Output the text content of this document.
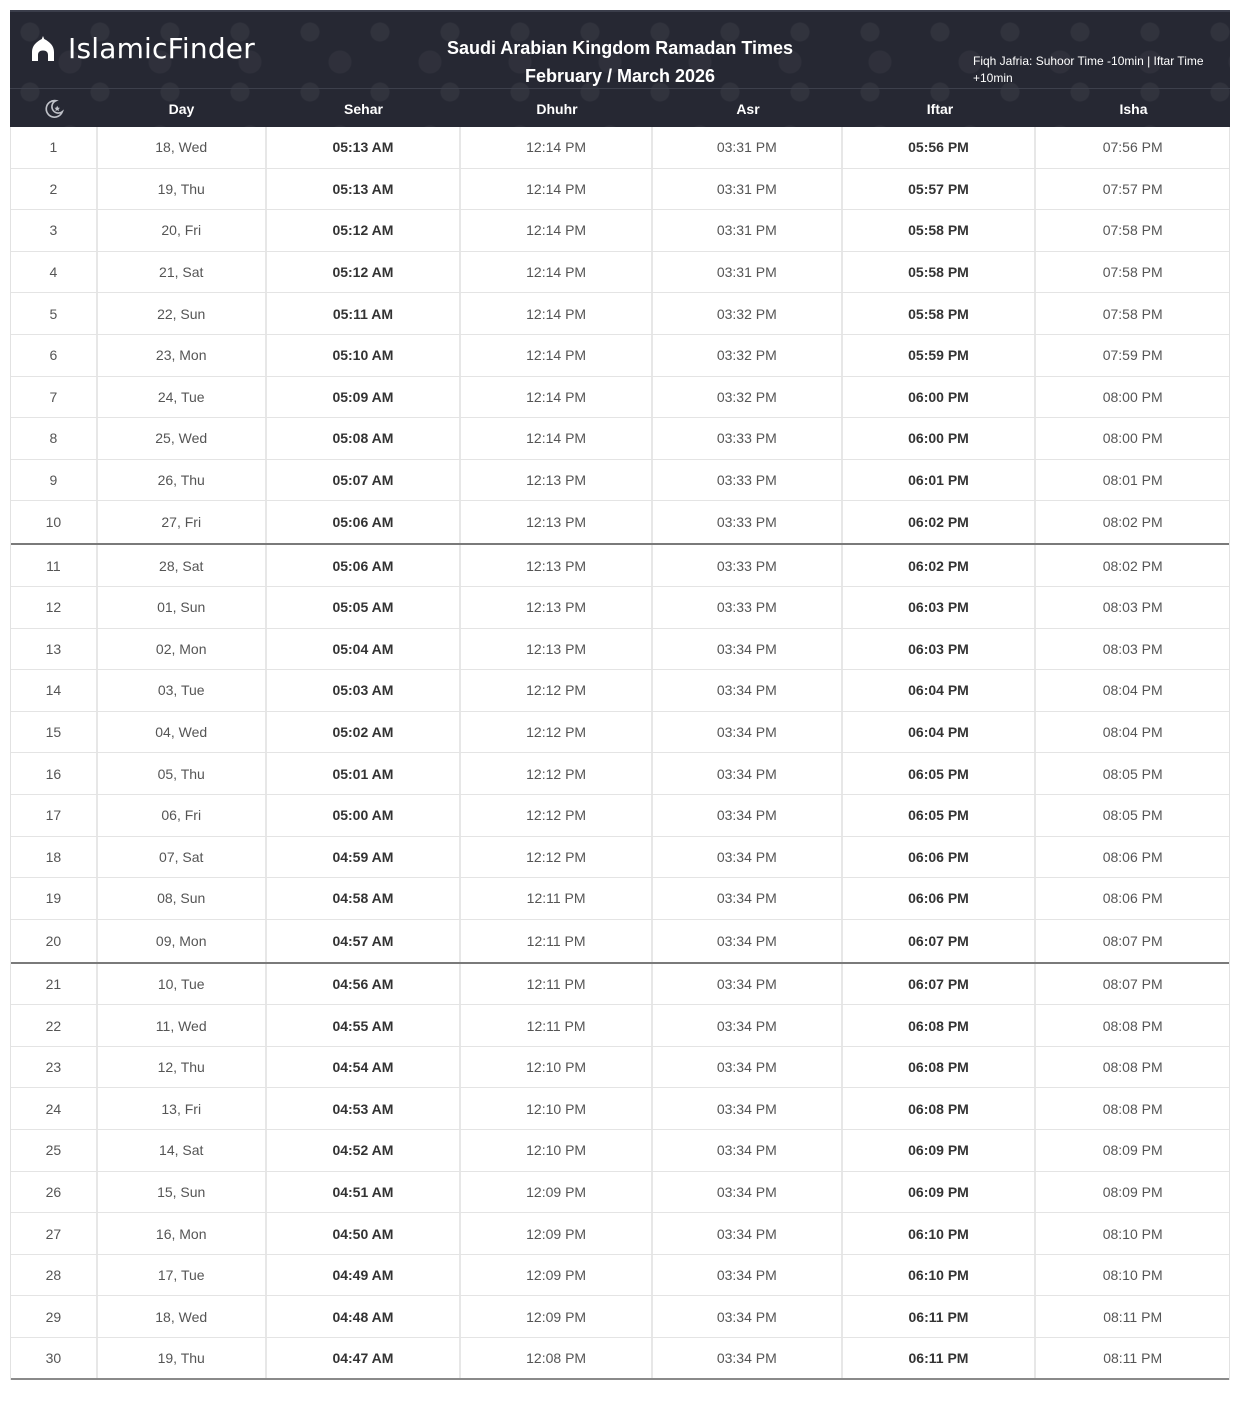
IslamicFinder	Saudi Arabian Kingdom Ramadan Times
February / March 2026
Fiqh Jafria: Suhoor Time -10min | Iftar Time +10min
Day	Sehar	Dhuhr	Asr	Iftar	Isha
1	18, Wed	05:13 AM	12:14 PM	03:31 PM	05:56 PM	07:56 PM
2	19, Thu	05:13 AM	12:14 PM	03:31 PM	05:57 PM	07:57 PM
3	20, Fri	05:12 AM	12:14 PM	03:31 PM	05:58 PM	07:58 PM
4	21, Sat	05:12 AM	12:14 PM	03:31 PM	05:58 PM	07:58 PM
5	22, Sun	05:11 AM	12:14 PM	03:32 PM	05:58 PM	07:58 PM
6	23, Mon	05:10 AM	12:14 PM	03:32 PM	05:59 PM	07:59 PM
7	24, Tue	05:09 AM	12:14 PM	03:32 PM	06:00 PM	08:00 PM
8	25, Wed	05:08 AM	12:14 PM	03:33 PM	06:00 PM	08:00 PM
9	26, Thu	05:07 AM	12:13 PM	03:33 PM	06:01 PM	08:01 PM
10	27, Fri	05:06 AM	12:13 PM	03:33 PM	06:02 PM	08:02 PM
11	28, Sat	05:06 AM	12:13 PM	03:33 PM	06:02 PM	08:02 PM
12	01, Sun	05:05 AM	12:13 PM	03:33 PM	06:03 PM	08:03 PM
13	02, Mon	05:04 AM	12:13 PM	03:34 PM	06:03 PM	08:03 PM
14	03, Tue	05:03 AM	12:12 PM	03:34 PM	06:04 PM	08:04 PM
15	04, Wed	05:02 AM	12:12 PM	03:34 PM	06:04 PM	08:04 PM
16	05, Thu	05:01 AM	12:12 PM	03:34 PM	06:05 PM	08:05 PM
17	06, Fri	05:00 AM	12:12 PM	03:34 PM	06:05 PM	08:05 PM
18	07, Sat	04:59 AM	12:12 PM	03:34 PM	06:06 PM	08:06 PM
19	08, Sun	04:58 AM	12:11 PM	03:34 PM	06:06 PM	08:06 PM
20	09, Mon	04:57 AM	12:11 PM	03:34 PM	06:07 PM	08:07 PM
21	10, Tue	04:56 AM	12:11 PM	03:34 PM	06:07 PM	08:07 PM
22	11, Wed	04:55 AM	12:11 PM	03:34 PM	06:08 PM	08:08 PM
23	12, Thu	04:54 AM	12:10 PM	03:34 PM	06:08 PM	08:08 PM
24	13, Fri	04:53 AM	12:10 PM	03:34 PM	06:08 PM	08:08 PM
25	14, Sat	04:52 AM	12:10 PM	03:34 PM	06:09 PM	08:09 PM
26	15, Sun	04:51 AM	12:09 PM	03:34 PM	06:09 PM	08:09 PM
27	16, Mon	04:50 AM	12:09 PM	03:34 PM	06:10 PM	08:10 PM
28	17, Tue	04:49 AM	12:09 PM	03:34 PM	06:10 PM	08:10 PM
29	18, Wed	04:48 AM	12:09 PM	03:34 PM	06:11 PM	08:11 PM
30	19, Thu	04:47 AM	12:08 PM	03:34 PM	06:11 PM	08:11 PM
